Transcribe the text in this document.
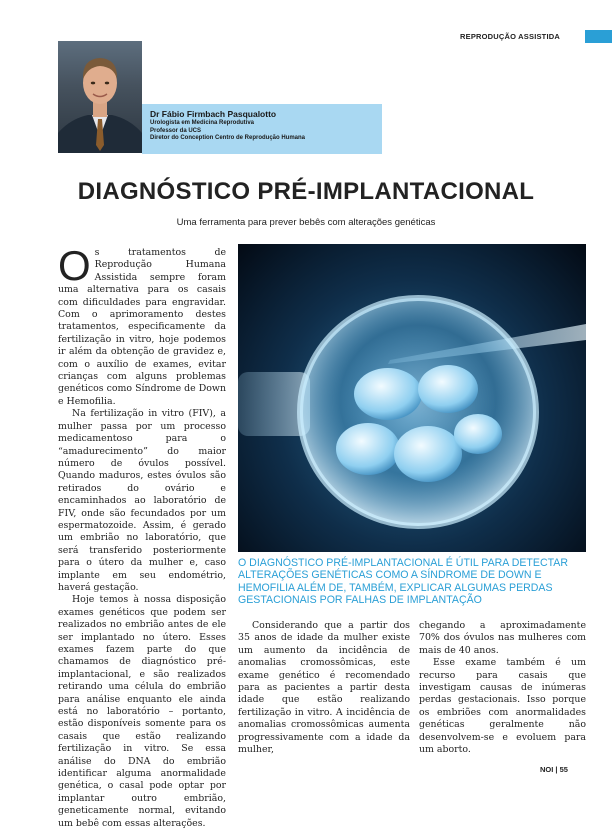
REPRODUÇÃO ASSISTIDA
Dr Fábio Firmbach Pasqualotto
Urologista em Medicina Reprodutiva
Professor da UCS
Diretor do Conception Centro de Reprodução Humana
DIAGNÓSTICO PRÉ-IMPLANTACIONAL
Uma ferramenta para prever bebês com alterações genéticas

Os tratamentos de Reprodução Humana Assistida sempre foram uma alternativa para os casais com dificuldades para engravidar. Com o aprimoramento destes tratamentos, especificamente da fertilização in vitro, hoje podemos ir além da obtenção de gravidez e, com o auxílio de exames, evitar crianças com alguns problemas genéticos como Síndrome de Down e Hemofilia.

Na fertilização in vitro (FIV), a mulher passa por um processo medicamentoso para o “amadurecimento” do maior número de óvulos possível. Quando maduros, estes óvulos são retirados do ovário e encaminhados ao laboratório de FIV, onde são fecundados por um espermatozoide. Assim, é gerado um embrião no laboratório, que será transferido posteriormente para o útero da mulher e, caso implante em seu endométrio, haverá gestação.

Hoje temos à nossa disposição exames genéticos que podem ser realizados no embrião antes de ele ser implantado no útero. Esses exames fazem parte do que chamamos de diagnóstico pré-implantacional, e são realizados retirando uma célula do embrião para análise enquanto ele ainda está no laboratório – portanto, estão disponíveis somente para os casais que estão realizando fertilização in vitro. Se essa análise do DNA do embrião identificar alguma anormalidade genética, o casal pode optar por implantar outro embrião, geneticamente normal, evitando um bebê com essas alterações.

O DIAGNÓSTICO PRÉ-IMPLANTACIONAL É ÚTIL PARA DETECTAR ALTERAÇÕES GENÉTICAS COMO A SÍNDROME DE DOWN E HEMOFILIA ALÉM DE, TAMBÉM, EXPLICAR ALGUMAS PERDAS GESTACIONAIS POR FALHAS DE IMPLANTAÇÃO

Considerando que a partir dos 35 anos de idade da mulher existe um aumento da incidência de anomalias cromossômicas, este exame genético é recomendado para as pacientes a partir desta idade que estão realizando fertilização in vitro. A incidência de anomalias cromossômicas aumenta progressivamente com a idade da mulher,

chegando a aproximadamente 70% dos óvulos nas mulheres com mais de 40 anos.

Esse exame também é um recurso para casais que investigam causas de inúmeras perdas gestacionais. Isso porque os embriões com anormalidades genéticas geralmente não desenvolvem-se e evoluem para um aborto.

NOI | 55
